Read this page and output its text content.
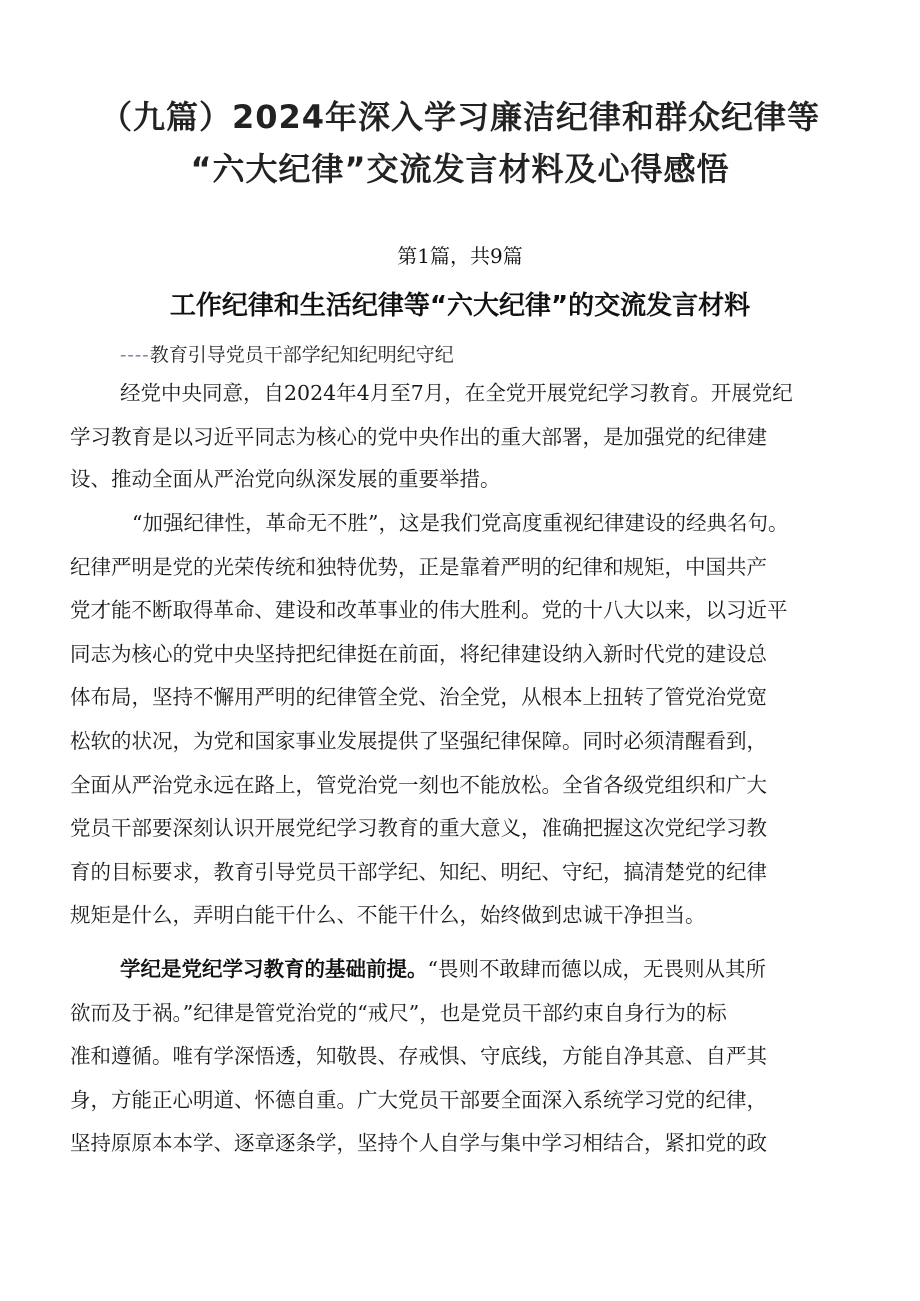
（九篇）2024年深入学习廉洁纪律和群众纪律等
“六大纪律”交流发言材料及心得感悟
第1篇，共9篇
工作纪律和生活纪律等“六大纪律”的交流发言材料
----教育引导党员干部学纪知纪明纪守纪
经党中央同意，自2024年4月至7月，在全党开展党纪学习教育。开展党纪
学习教育是以习近平同志为核心的党中央作出的重大部署，是加强党的纪律建
设、推动全面从严治党向纵深发展的重要举措。
“加强纪律性，革命无不胜”，这是我们党高度重视纪律建设的经典名句。
纪律严明是党的光荣传统和独特优势，正是靠着严明的纪律和规矩，中国共产
党才能不断取得革命、建设和改革事业的伟大胜利。党的十八大以来，以习近平
同志为核心的党中央坚持把纪律挺在前面，将纪律建设纳入新时代党的建设总
体布局，坚持不懈用严明的纪律管全党、治全党，从根本上扭转了管党治党宽
松软的状况，为党和国家事业发展提供了坚强纪律保障。同时必须清醒看到，
全面从严治党永远在路上，管党治党一刻也不能放松。全省各级党组织和广大
党员干部要深刻认识开展党纪学习教育的重大意义，准确把握这次党纪学习教
育的目标要求，教育引导党员干部学纪、知纪、明纪、守纪，搞清楚党的纪律
规矩是什么，弄明白能干什么、不能干什么，始终做到忠诚干净担当。
学纪是党纪学习教育的基础前提。“畏则不敢肆而德以成，无畏则从其所
欲而及于祸。”纪律是管党治党的“戒尺”，也是党员干部约束自身行为的标
准和遵循。唯有学深悟透，知敬畏、存戒惧、守底线，方能自净其意、自严其
身，方能正心明道、怀德自重。广大党员干部要全面深入系统学习党的纪律，
坚持原原本本学、逐章逐条学，坚持个人自学与集中学习相结合，紧扣党的政
